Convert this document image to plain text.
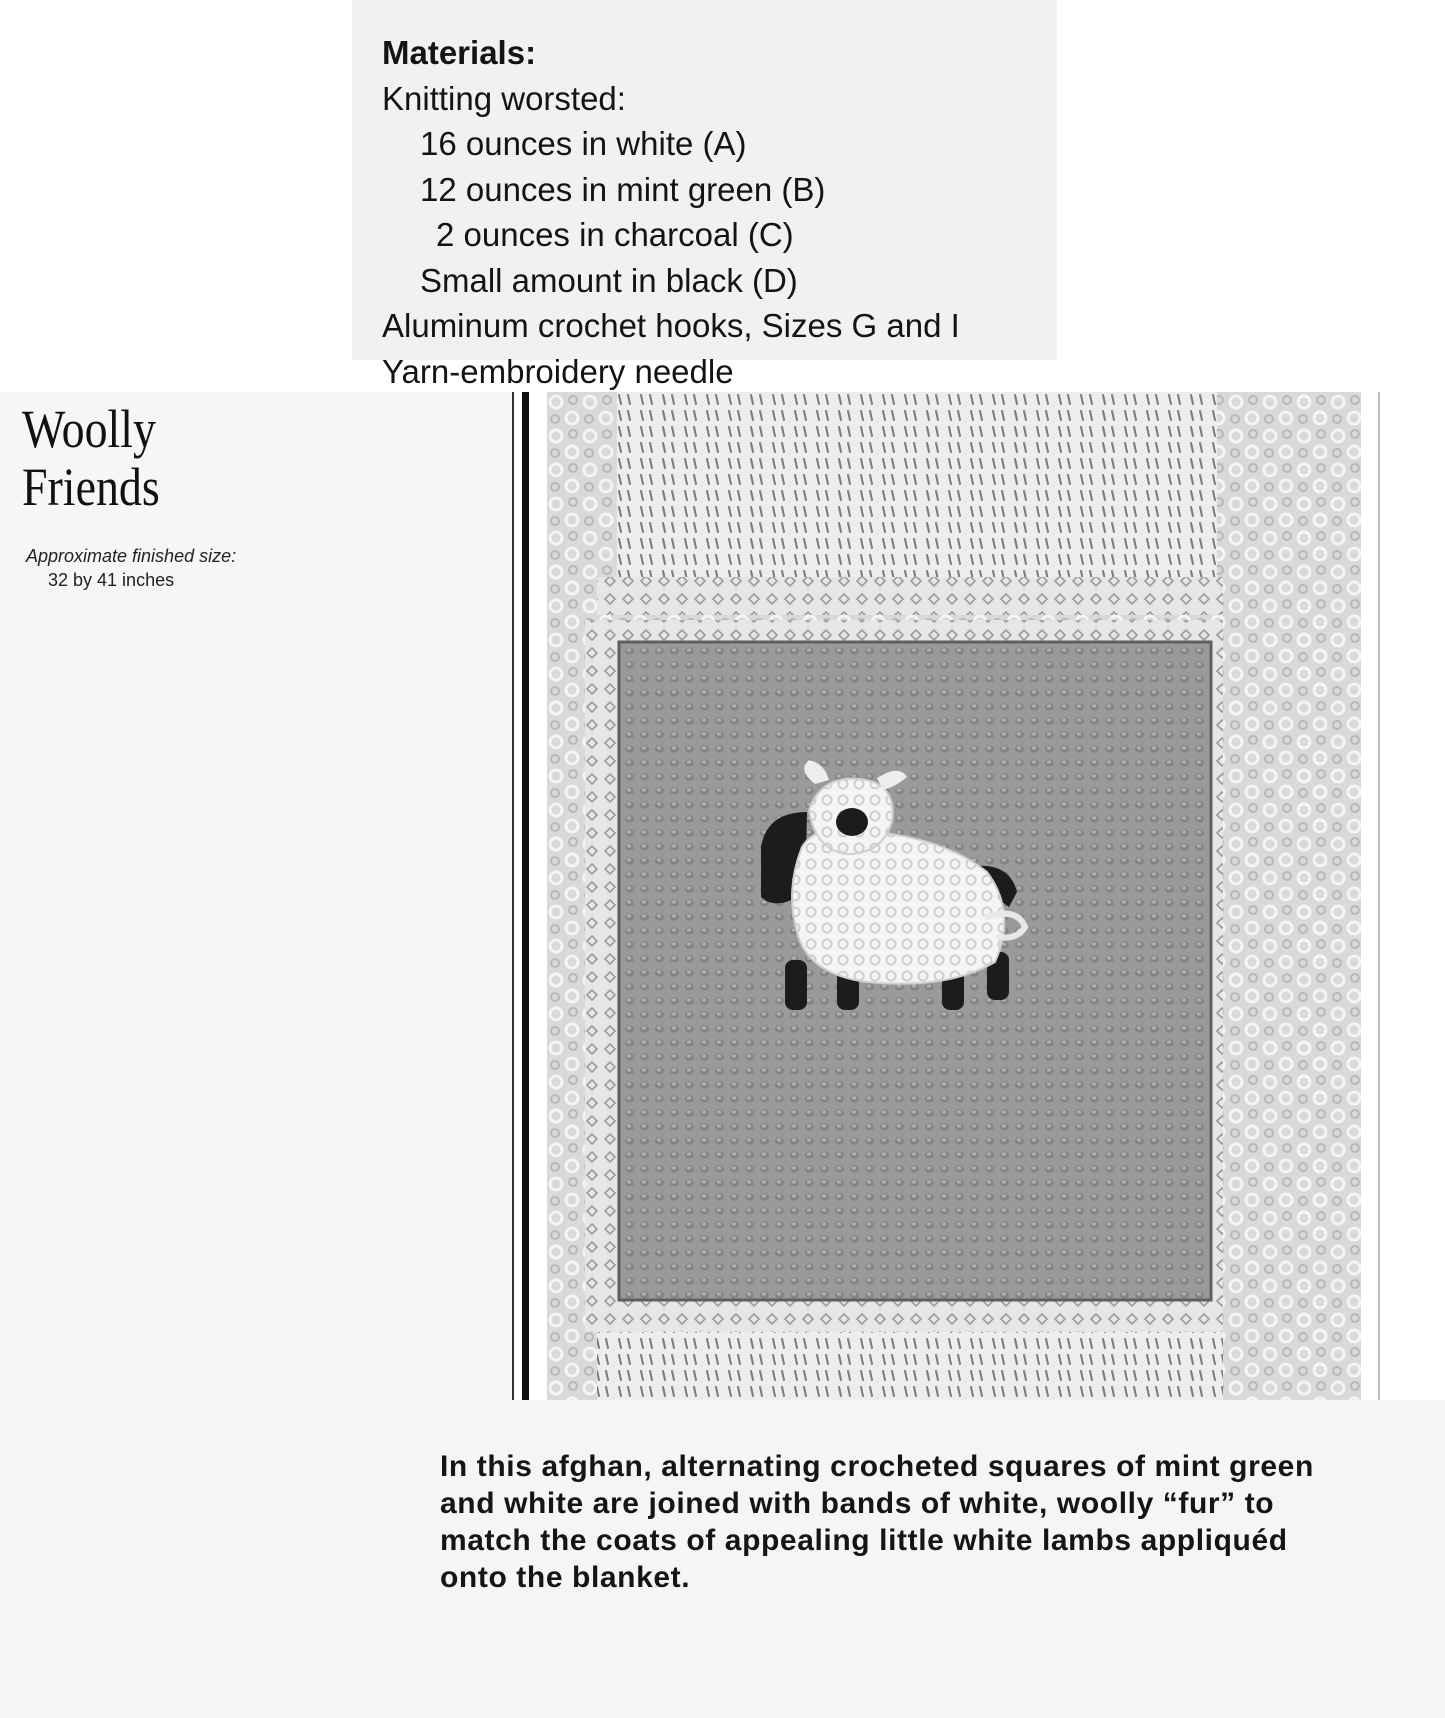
Materials:
Knitting worsted:
16 ounces in white (A)
12 ounces in mint green (B)
2 ounces in charcoal (C)
Small amount in black (D)
Aluminum crochet hooks, Sizes G and I
Yarn-embroidery needle
Woolly
Friends
Approximate finished size:
32 by 41 inches
In this afghan, alternating crocheted squares of mint green and white are joined with bands of white, woolly “fur” to match the coats of appealing little white lambs appliquéd onto the blanket.
